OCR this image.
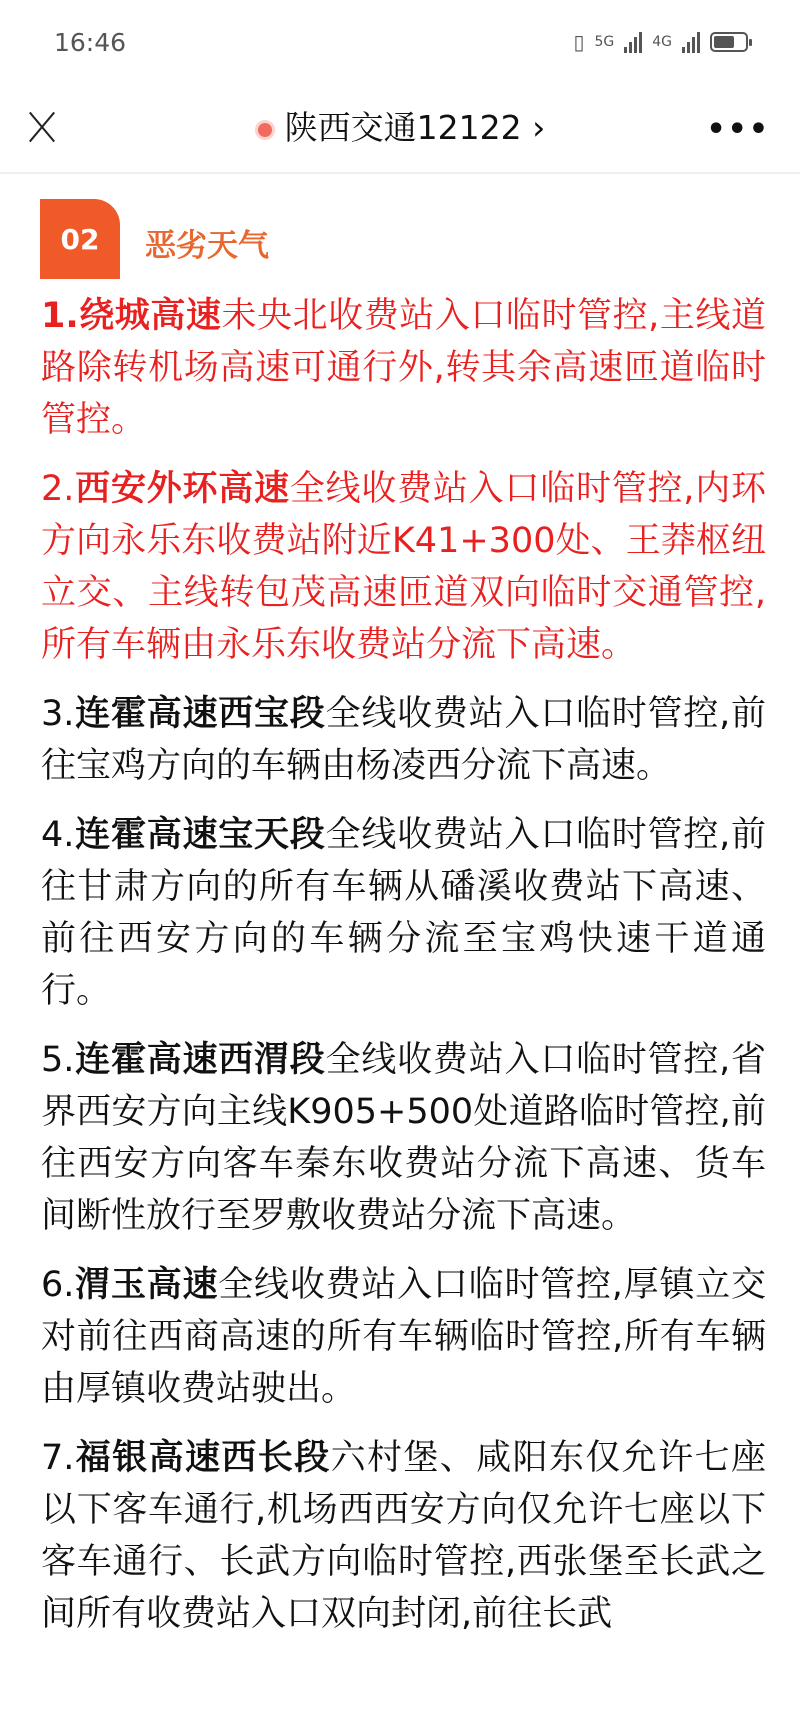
16:46	▯ 5G	4G
陕西交通12122 ›	•••
02	恶劣天气

1.绕城高速未央北收费站入口临时管控,主线道路除转机场高速可通行外,转其余高速匝道临时管控。

2.西安外环高速全线收费站入口临时管控,内环方向永乐东收费站附近K41+300处、王莽枢纽立交、主线转包茂高速匝道双向临时交通管控,所有车辆由永乐东收费站分流下高速。

3.连霍高速西宝段全线收费站入口临时管控,前往宝鸡方向的车辆由杨凌西分流下高速。

4.连霍高速宝天段全线收费站入口临时管控,前往甘肃方向的所有车辆从磻溪收费站下高速、前往西安方向的车辆分流至宝鸡快速干道通行。

5.连霍高速西渭段全线收费站入口临时管控,省界西安方向主线K905+500处道路临时管控,前往西安方向客车秦东收费站分流下高速、货车间断性放行至罗敷收费站分流下高速。

6.渭玉高速全线收费站入口临时管控,厚镇立交对前往西商高速的所有车辆临时管控,所有车辆由厚镇收费站驶出。

7.福银高速西长段六村堡、咸阳东仅允许七座以下客车通行,机场西西安方向仅允许七座以下客车通行、长武方向临时管控,西张堡至长武之间所有收费站入口双向封闭,前往长武
